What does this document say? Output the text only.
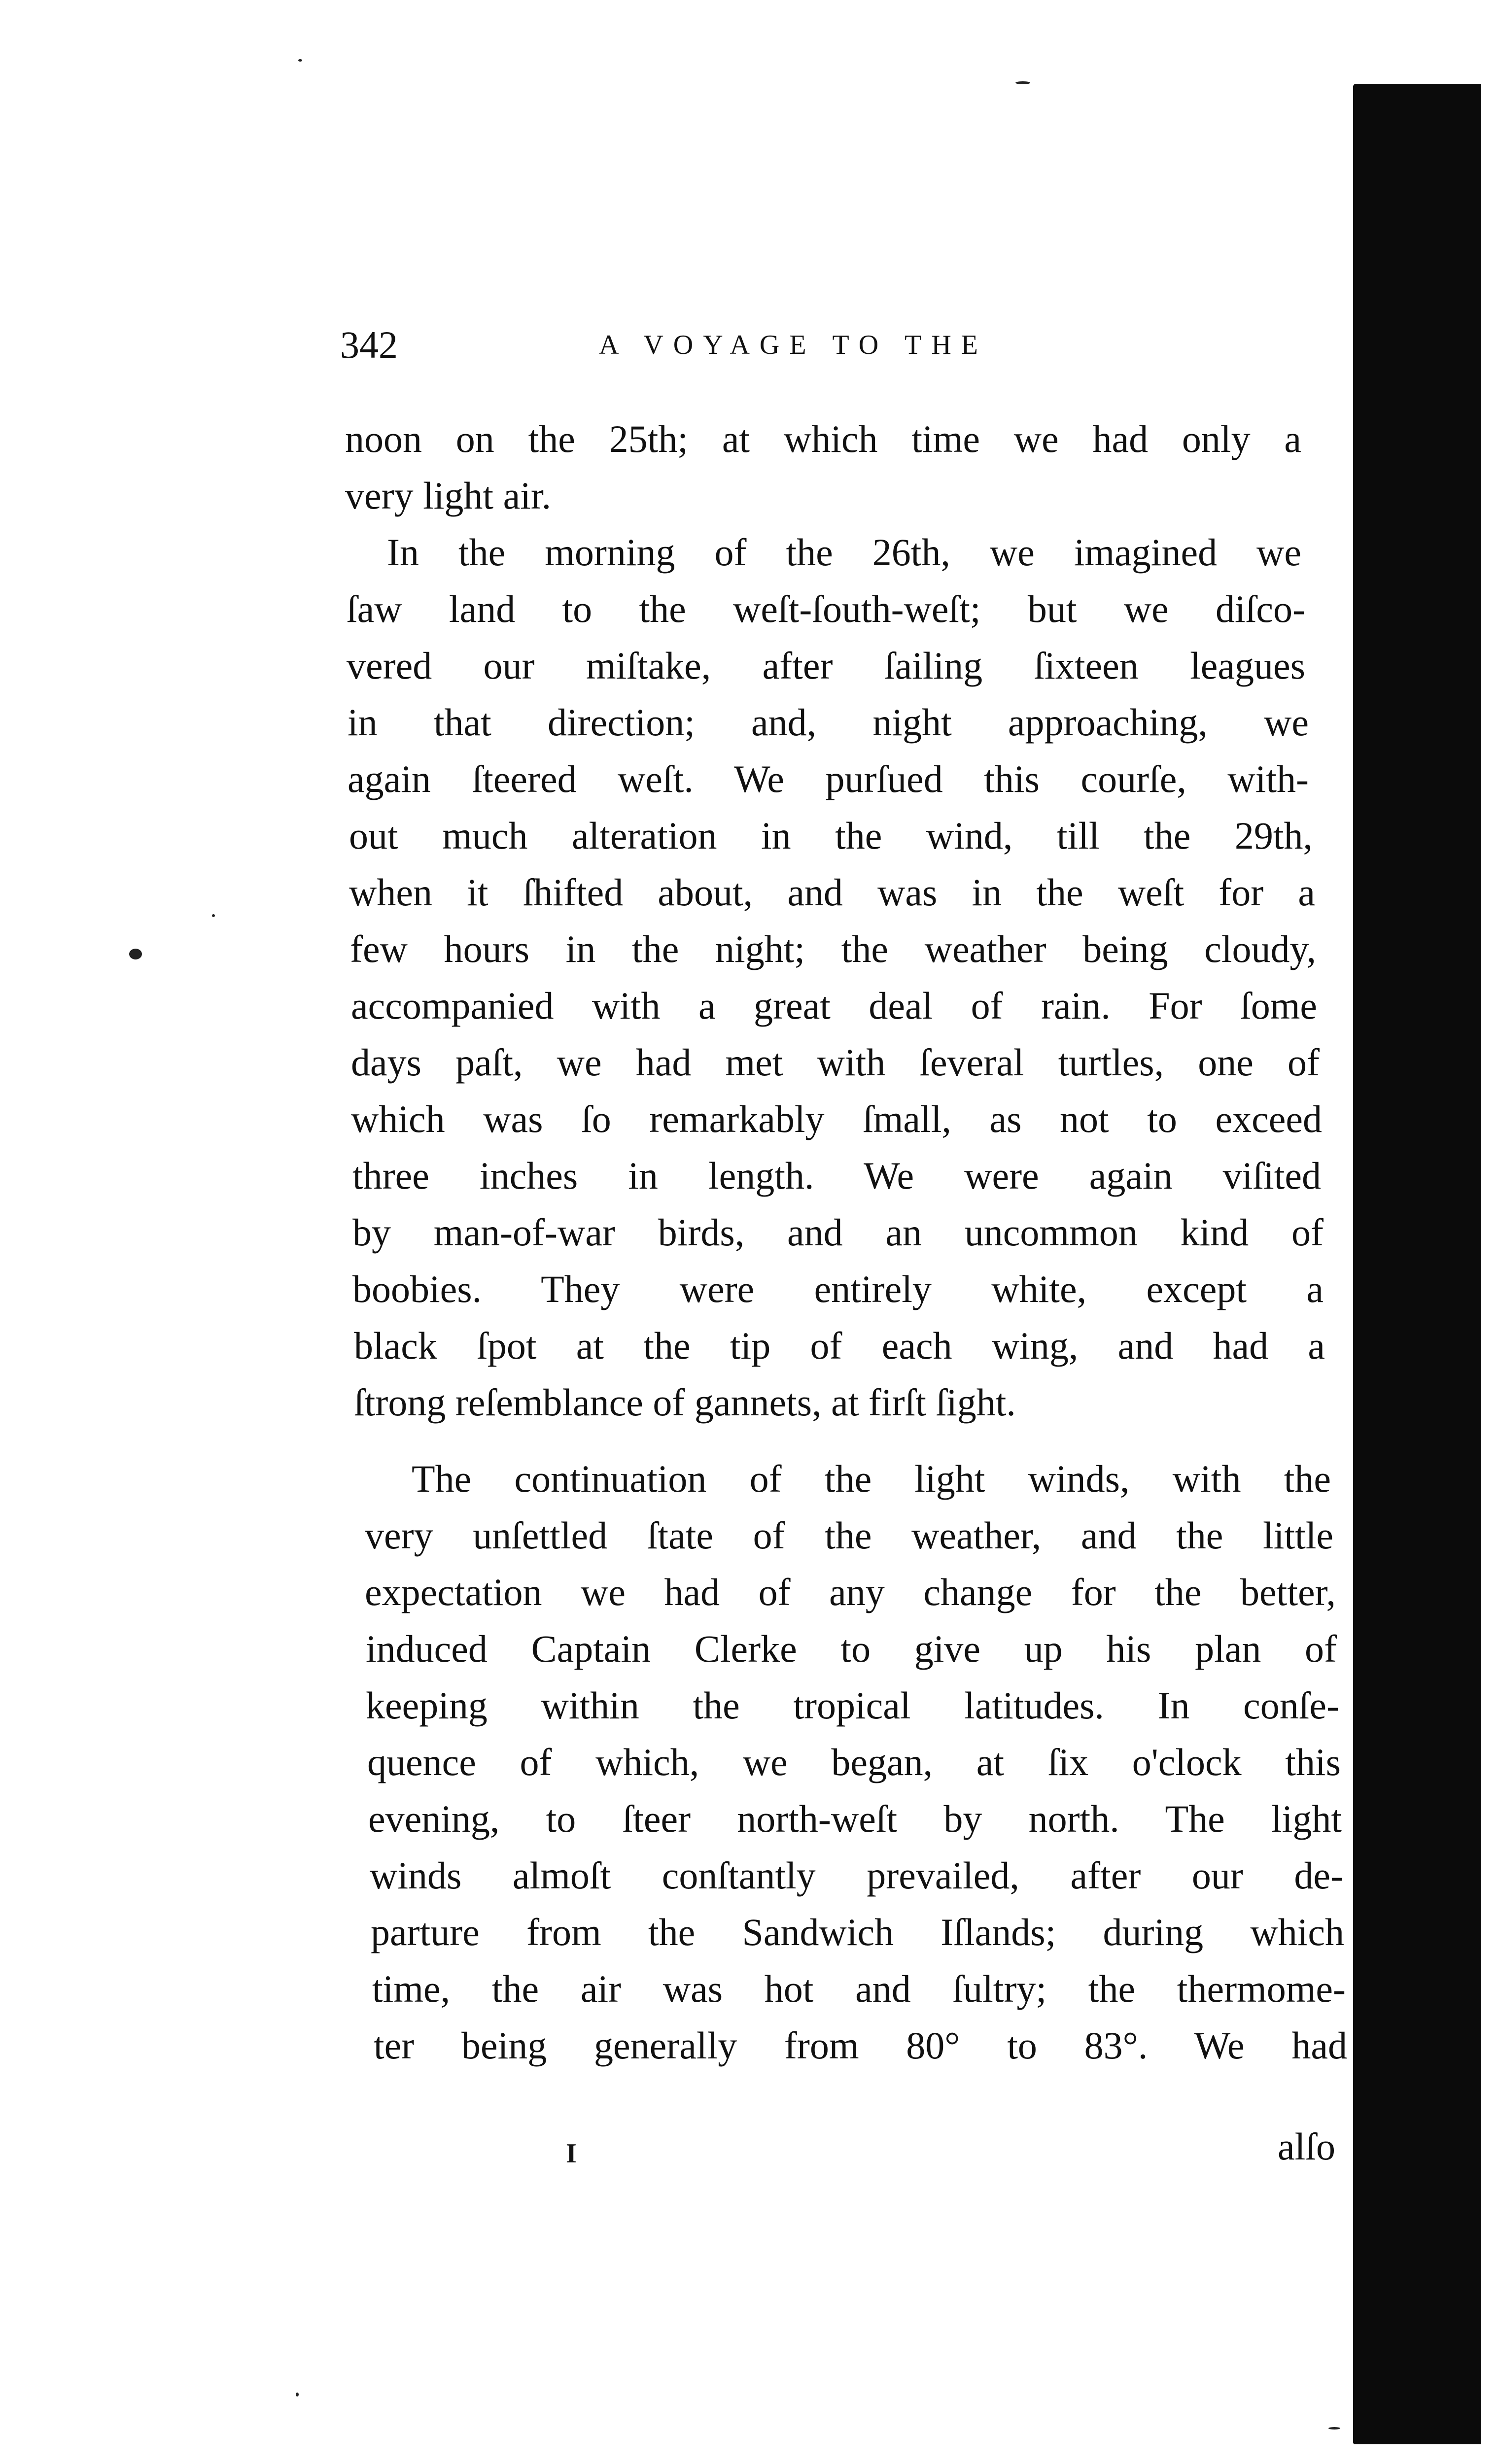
342	A VOYAGE TO THE
noon on the 25th; at which time we had only a
very light air.
In the morning of the 26th, we imagined we
ſaw land to the weſt-ſouth-weſt; but we diſco-
vered our miſtake, after ſailing ſixteen leagues
in that direction; and, night approaching, we
again ſteered weſt. We purſued this courſe, with-
out much alteration in the wind, till the 29th,
when it ſhifted about, and was in the weſt for a
few hours in the night; the weather being cloudy,
accompanied with a great deal of rain. For ſome
days paſt, we had met with ſeveral turtles, one of
which was ſo remarkably ſmall, as not to exceed
three inches in length. We were again viſited
by man-of-war birds, and an uncommon kind of
boobies. They were entirely white, except a
black ſpot at the tip of each wing, and had a
ſtrong reſemblance of gannets, at firſt ſight.
The continuation of the light winds, with the
very unſettled ſtate of the weather, and the little
expectation we had of any change for the better,
induced Captain Clerke to give up his plan of
keeping within the tropical latitudes. In conſe-
quence of which, we began, at ſix o'clock this
evening, to ſteer north-weſt by north. The light
winds almoſt conſtantly prevailed, after our de-
parture from the Sandwich Iſlands; during which
time, the air was hot and ſultry; the thermome-
ter being generally from 80° to 83°. We had
I	alſo
